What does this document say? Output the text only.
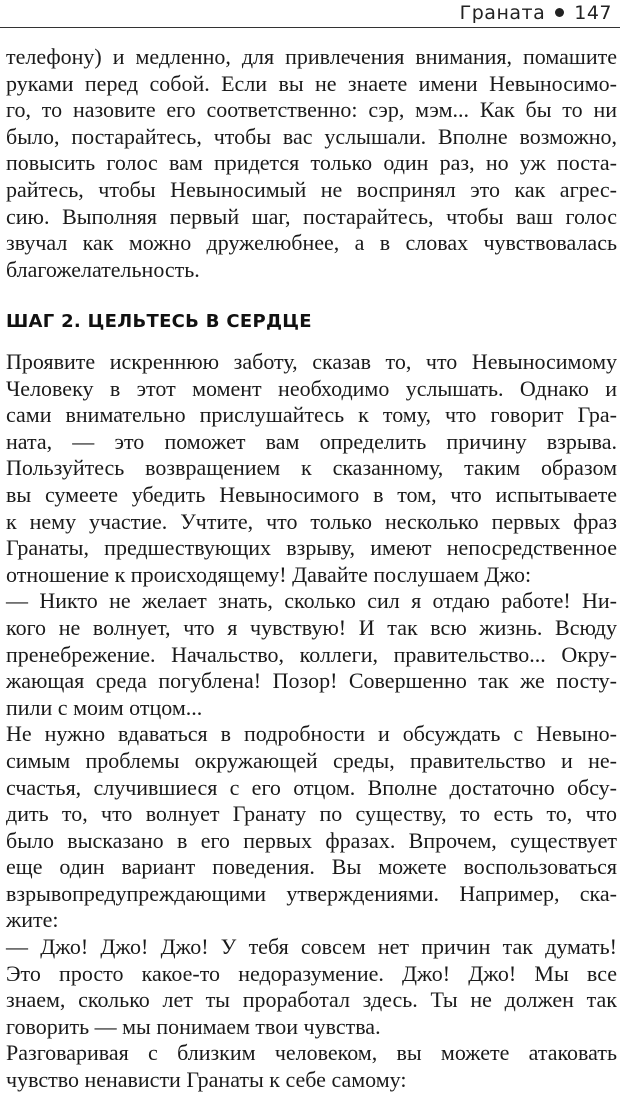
Граната 147
телефону) и медленно, для привлечения внимания, помашите
руками перед собой. Если вы не знаете имени Невыносимо-
го, то назовите его соответственно: сэр, мэм... Как бы то ни
было, постарайтесь, чтобы вас услышали. Вполне возможно,
повысить голос вам придется только один раз, но уж поста-
райтесь, чтобы Невыносимый не воспринял это как агрес-
сию. Выполняя первый шаг, постарайтесь, чтобы ваш голос
звучал как можно дружелюбнее, а в словах чувствовалась
благожелательность.
ШАГ 2. ЦЕЛЬТЕСЬ В СЕРДЦЕ
Проявите искреннюю заботу, сказав то, что Невыносимому
Человеку в этот момент необходимо услышать. Однако и
сами внимательно прислушайтесь к тому, что говорит Гра-
ната, — это поможет вам определить причину взрыва.
Пользуйтесь возвращением к сказанному, таким образом
вы сумеете убедить Невыносимого в том, что испытываете
к нему участие. Учтите, что только несколько первых фраз
Гранаты, предшествующих взрыву, имеют непосредственное
отношение к происходящему! Давайте послушаем Джо:
— Никто не желает знать, сколько сил я отдаю работе! Ни-
кого не волнует, что я чувствую! И так всю жизнь. Всюду
пренебрежение. Начальство, коллеги, правительство... Окру-
жающая среда погублена! Позор! Совершенно так же посту-
пили с моим отцом...
Не нужно вдаваться в подробности и обсуждать с Невыно-
симым проблемы окружающей среды, правительство и не-
счастья, случившиеся с его отцом. Вполне достаточно обсу-
дить то, что волнует Гранату по существу, то есть то, что
было высказано в его первых фразах. Впрочем, существует
еще один вариант поведения. Вы можете воспользоваться
взрывопредупреждающими утверждениями. Например, ска-
жите:
— Джо! Джо! Джо! У тебя совсем нет причин так думать!
Это просто какое-то недоразумение. Джо! Джо! Мы все
знаем, сколько лет ты проработал здесь. Ты не должен так
говорить — мы понимаем твои чувства.
Разговаривая с близким человеком, вы можете атаковать
чувство ненависти Гранаты к себе самому:
